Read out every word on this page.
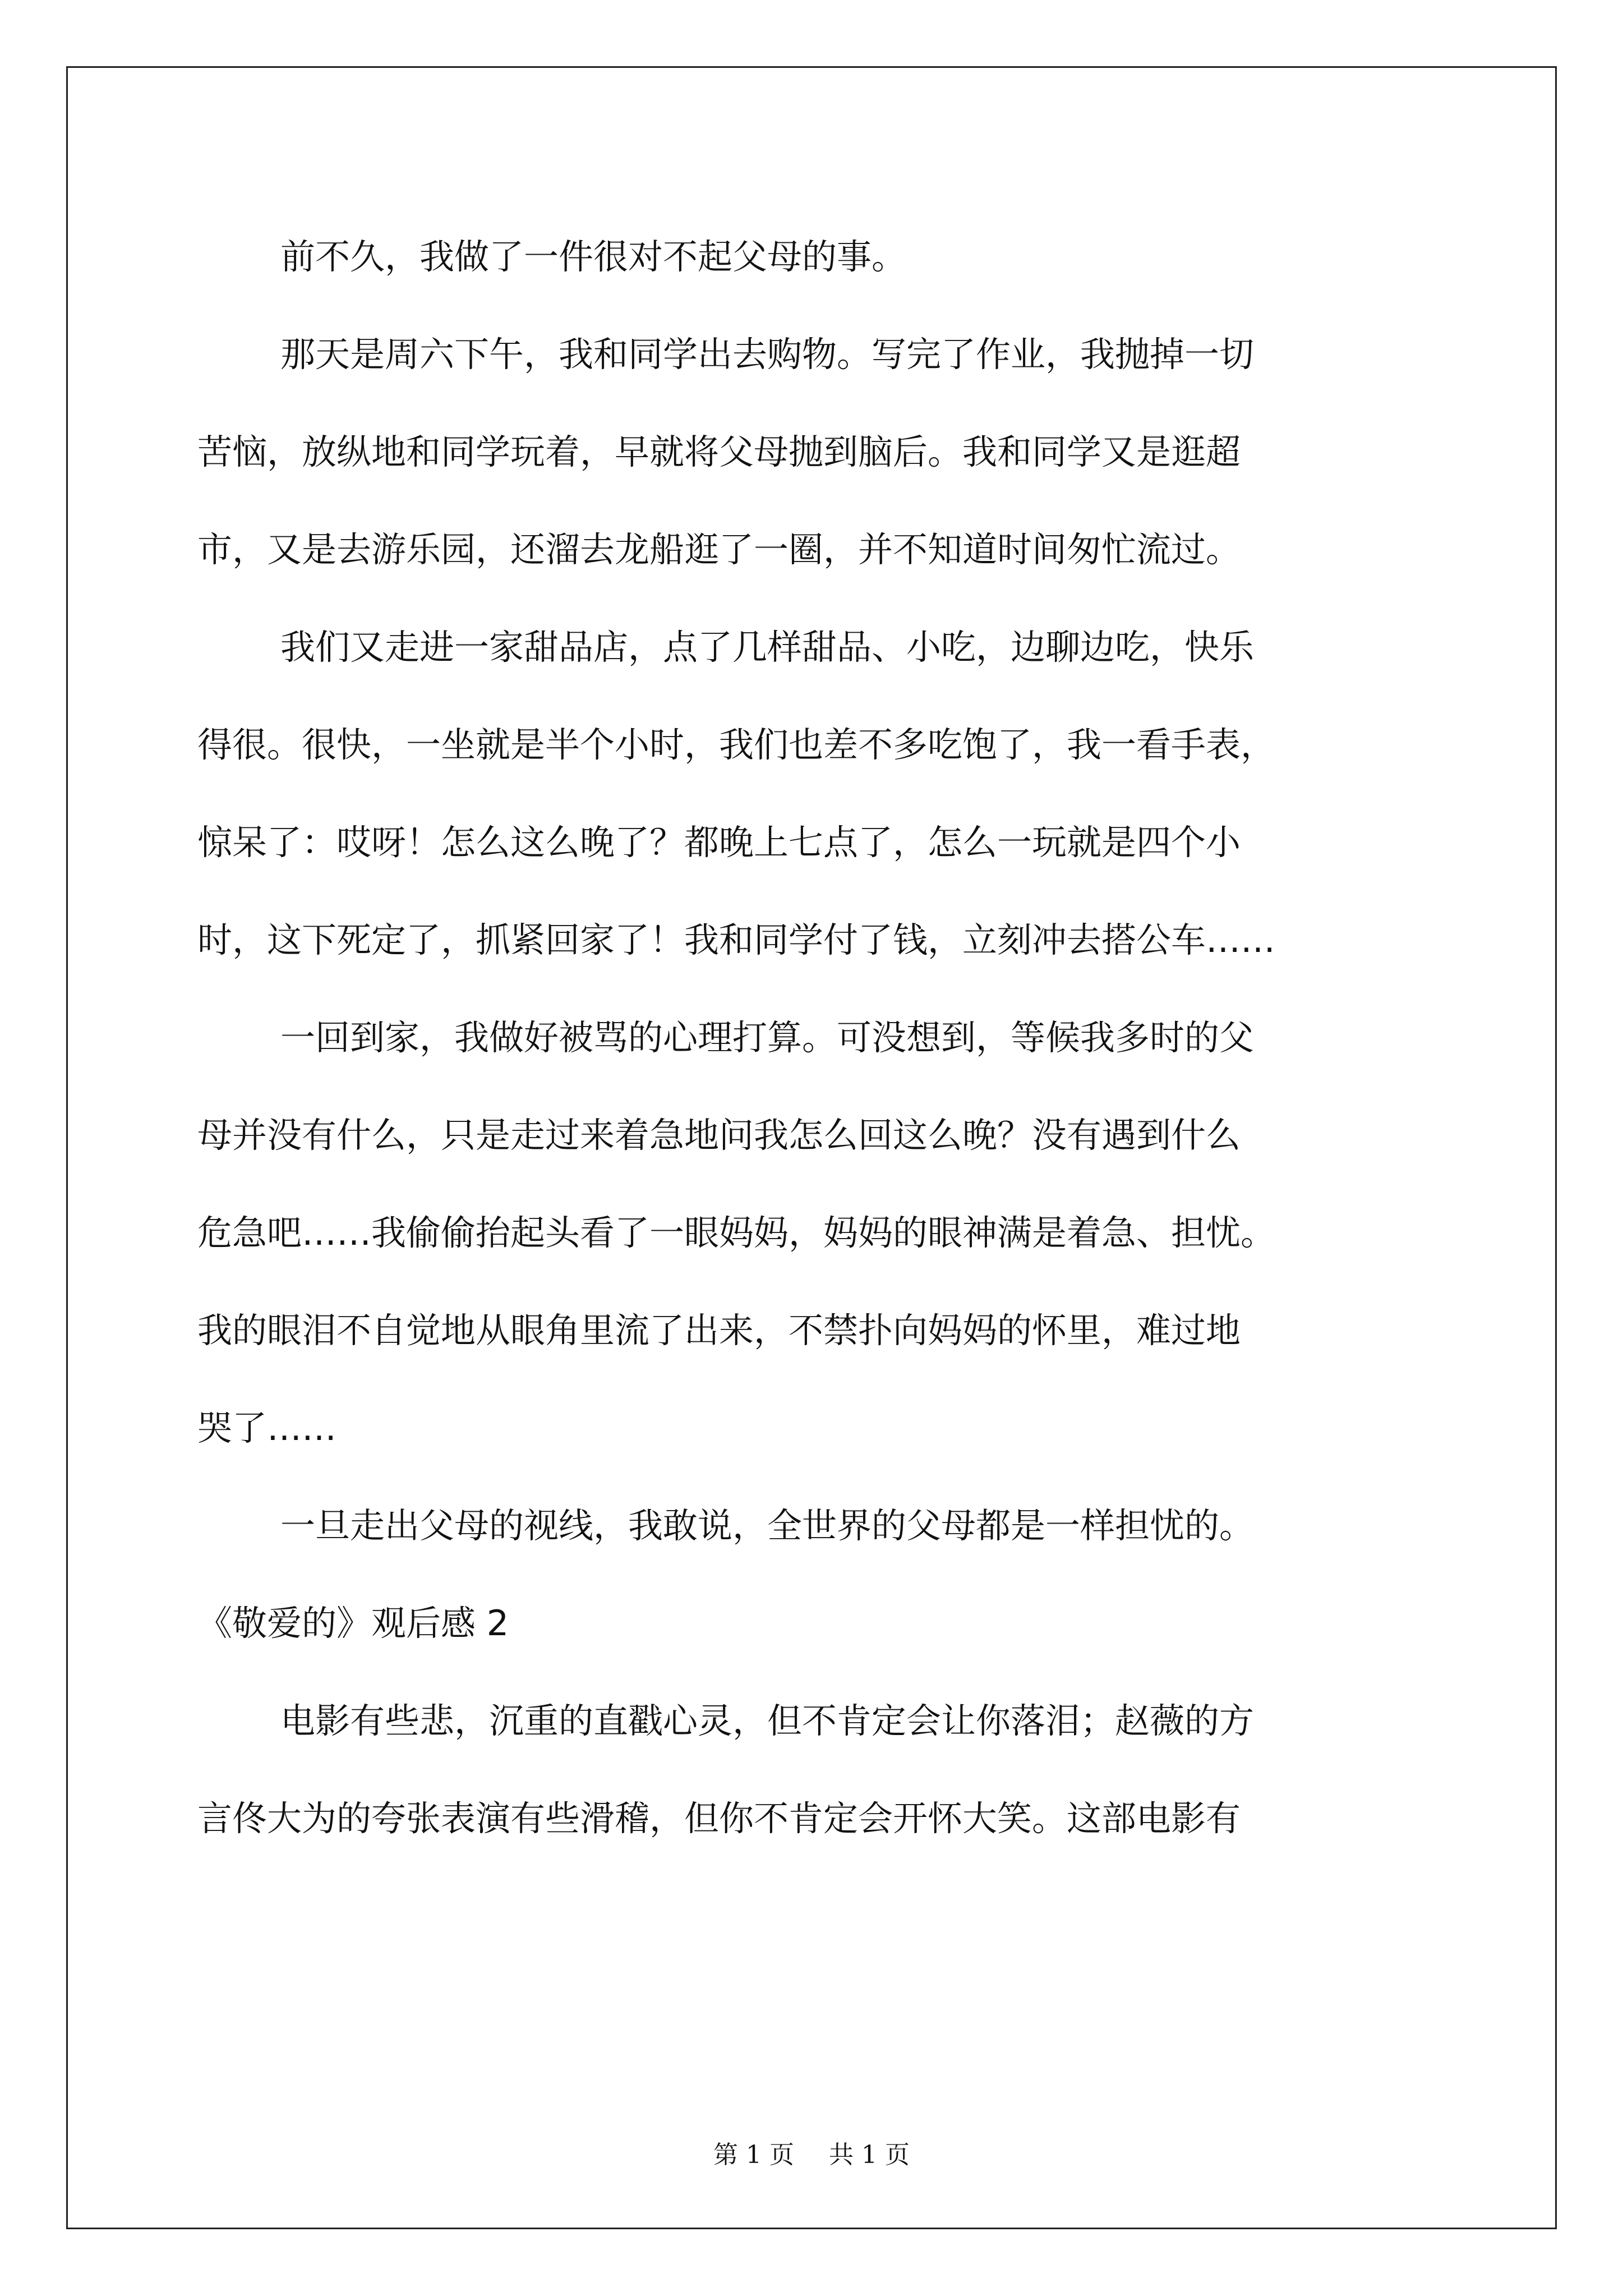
前不久，我做了一件很对不起父母的事。
那天是周六下午，我和同学出去购物。写完了作业，我抛掉一切
苦恼，放纵地和同学玩着，早就将父母抛到脑后。我和同学又是逛超
市，又是去游乐园，还溜去龙船逛了一圈，并不知道时间匆忙流过。
我们又走进一家甜品店，点了几样甜品、小吃，边聊边吃，快乐
得很。很快，一坐就是半个小时，我们也差不多吃饱了，我一看手表，
惊呆了：哎呀！怎么这么晚了？都晚上七点了，怎么一玩就是四个小
时，这下死定了，抓紧回家了！我和同学付了钱，立刻冲去搭公车……
一回到家，我做好被骂的心理打算。可没想到，等候我多时的父
母并没有什么，只是走过来着急地问我怎么回这么晚？没有遇到什么
危急吧……我偷偷抬起头看了一眼妈妈，妈妈的眼神满是着急、担忧。
我的眼泪不自觉地从眼角里流了出来，不禁扑向妈妈的怀里，难过地
哭了……
一旦走出父母的视线，我敢说，全世界的父母都是一样担忧的。
《敬爱的》观后感 2
电影有些悲，沉重的直戳心灵，但不肯定会让你落泪；赵薇的方
言佟大为的夸张表演有些滑稽，但你不肯定会开怀大笑。这部电影有
第 1 页 共 1 页
